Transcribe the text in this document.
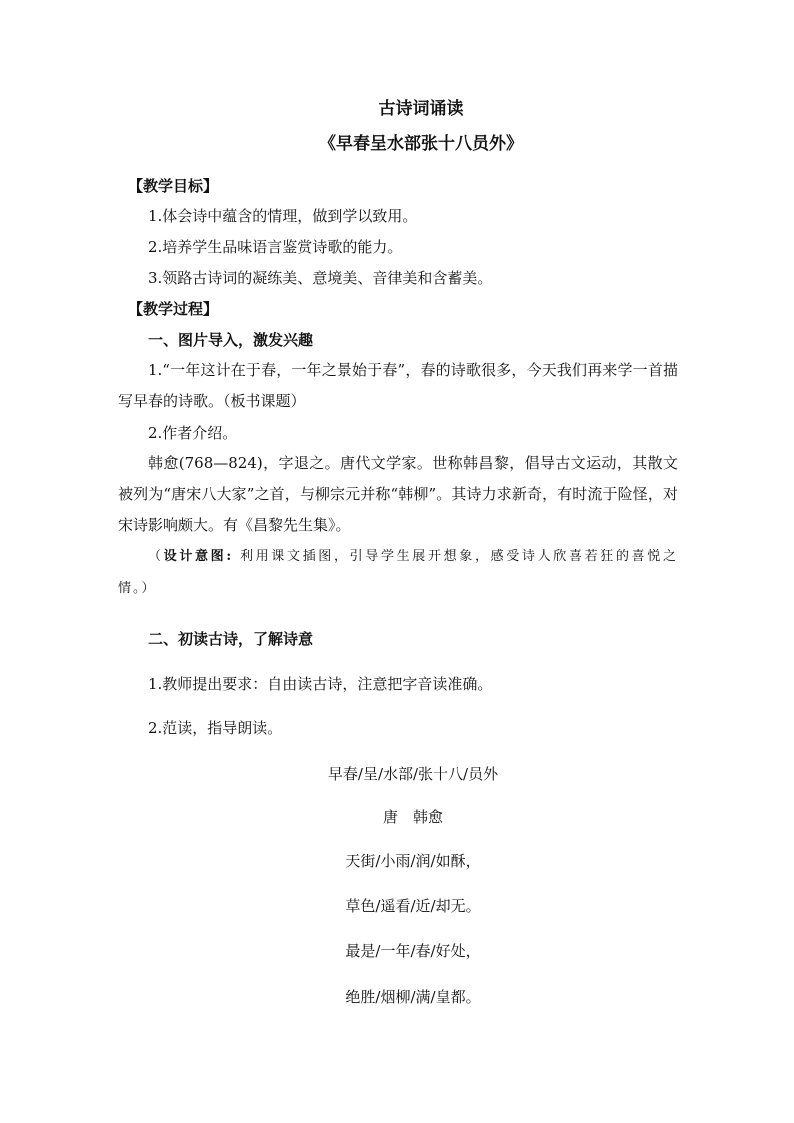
古诗词诵读
《早春呈水部张十八员外》
【教学目标】
1.体会诗中蕴含的情理，做到学以致用。
2.培养学生品味语言鉴赏诗歌的能力。
3.领路古诗词的凝练美、意境美、音律美和含蓄美。
【教学过程】
一、图片导入，激发兴趣
1.“一年这计在于春，一年之景始于春”，春的诗歌很多，今天我们再来学一首描写早春的诗歌。（板书课题）
2.作者介绍。
韩愈(768—824)，字退之。唐代文学家。世称韩昌黎，倡导古文运动，其散文被列为“唐宋八大家”之首，与柳宗元并称“韩柳”。其诗力求新奇，有时流于险怪，对宋诗影响颇大。有《昌黎先生集》。
（设计意图: 利用课文插图，引导学生展开想象，感受诗人欣喜若狂的喜悦之情。）
二、初读古诗，了解诗意
1.教师提出要求：自由读古诗，注意把字音读准确。
2.范读，指导朗读。
早春/呈/水部/张十八/员外
唐　韩愈
天街/小雨/润/如酥，
草色/遥看/近/却无。
最是/一年/春/好处，
绝胜/烟柳/满/皇都。
